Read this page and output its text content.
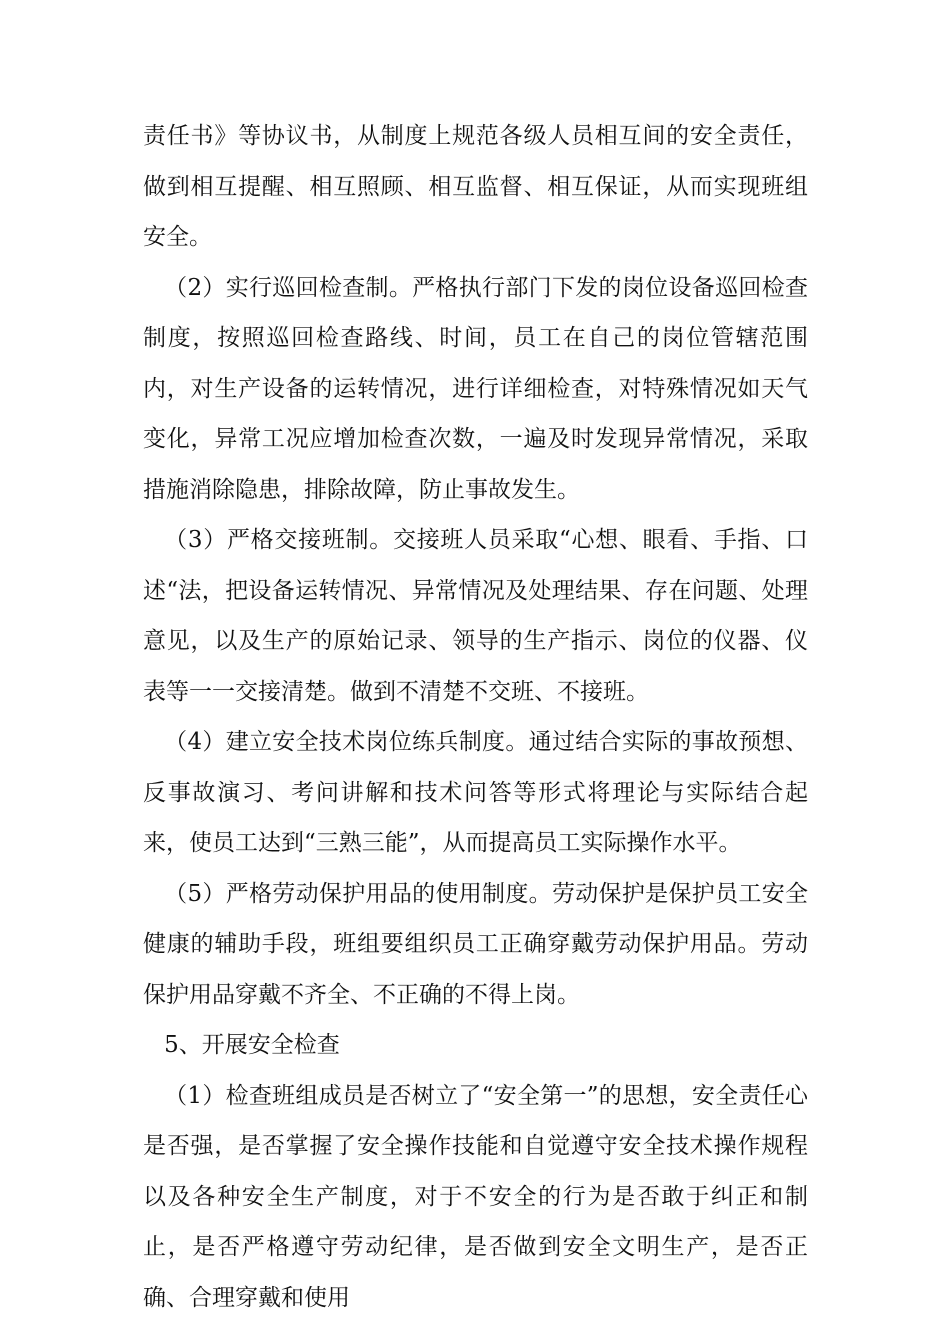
责任书》等协议书，从制度上规范各级人员相互间的安全责任，做到相互提醒、相互照顾、相互监督、相互保证，从而实现班组安全。

（2）实行巡回检查制。严格执行部门下发的岗位设备巡回检查制度，按照巡回检查路线、时间，员工在自己的岗位管辖范围内，对生产设备的运转情况，进行详细检查，对特殊情况如天气变化，异常工况应增加检查次数，一遍及时发现异常情况，采取措施消除隐患，排除故障，防止事故发生。

（3）严格交接班制。交接班人员采取“心想、眼看、手指、口述“法，把设备运转情况、异常情况及处理结果、存在问题、处理意见，以及生产的原始记录、领导的生产指示、岗位的仪器、仪表等一一交接清楚。做到不清楚不交班、不接班。

（4）建立安全技术岗位练兵制度。通过结合实际的事故预想、反事故演习、考问讲解和技术问答等形式将理论与实际结合起来，使员工达到“三熟三能”，从而提高员工实际操作水平。

（5）严格劳动保护用品的使用制度。劳动保护是保护员工安全健康的辅助手段，班组要组织员工正确穿戴劳动保护用品。劳动保护用品穿戴不齐全、不正确的不得上岗。

5、开展安全检查

（1）检查班组成员是否树立了“安全第一”的思想，安全责任心是否强，是否掌握了安全操作技能和自觉遵守安全技术操作规程以及各种安全生产制度，对于不安全的行为是否敢于纠正和制止，是否严格遵守劳动纪律，是否做到安全文明生产，是否正确、合理穿戴和使用
